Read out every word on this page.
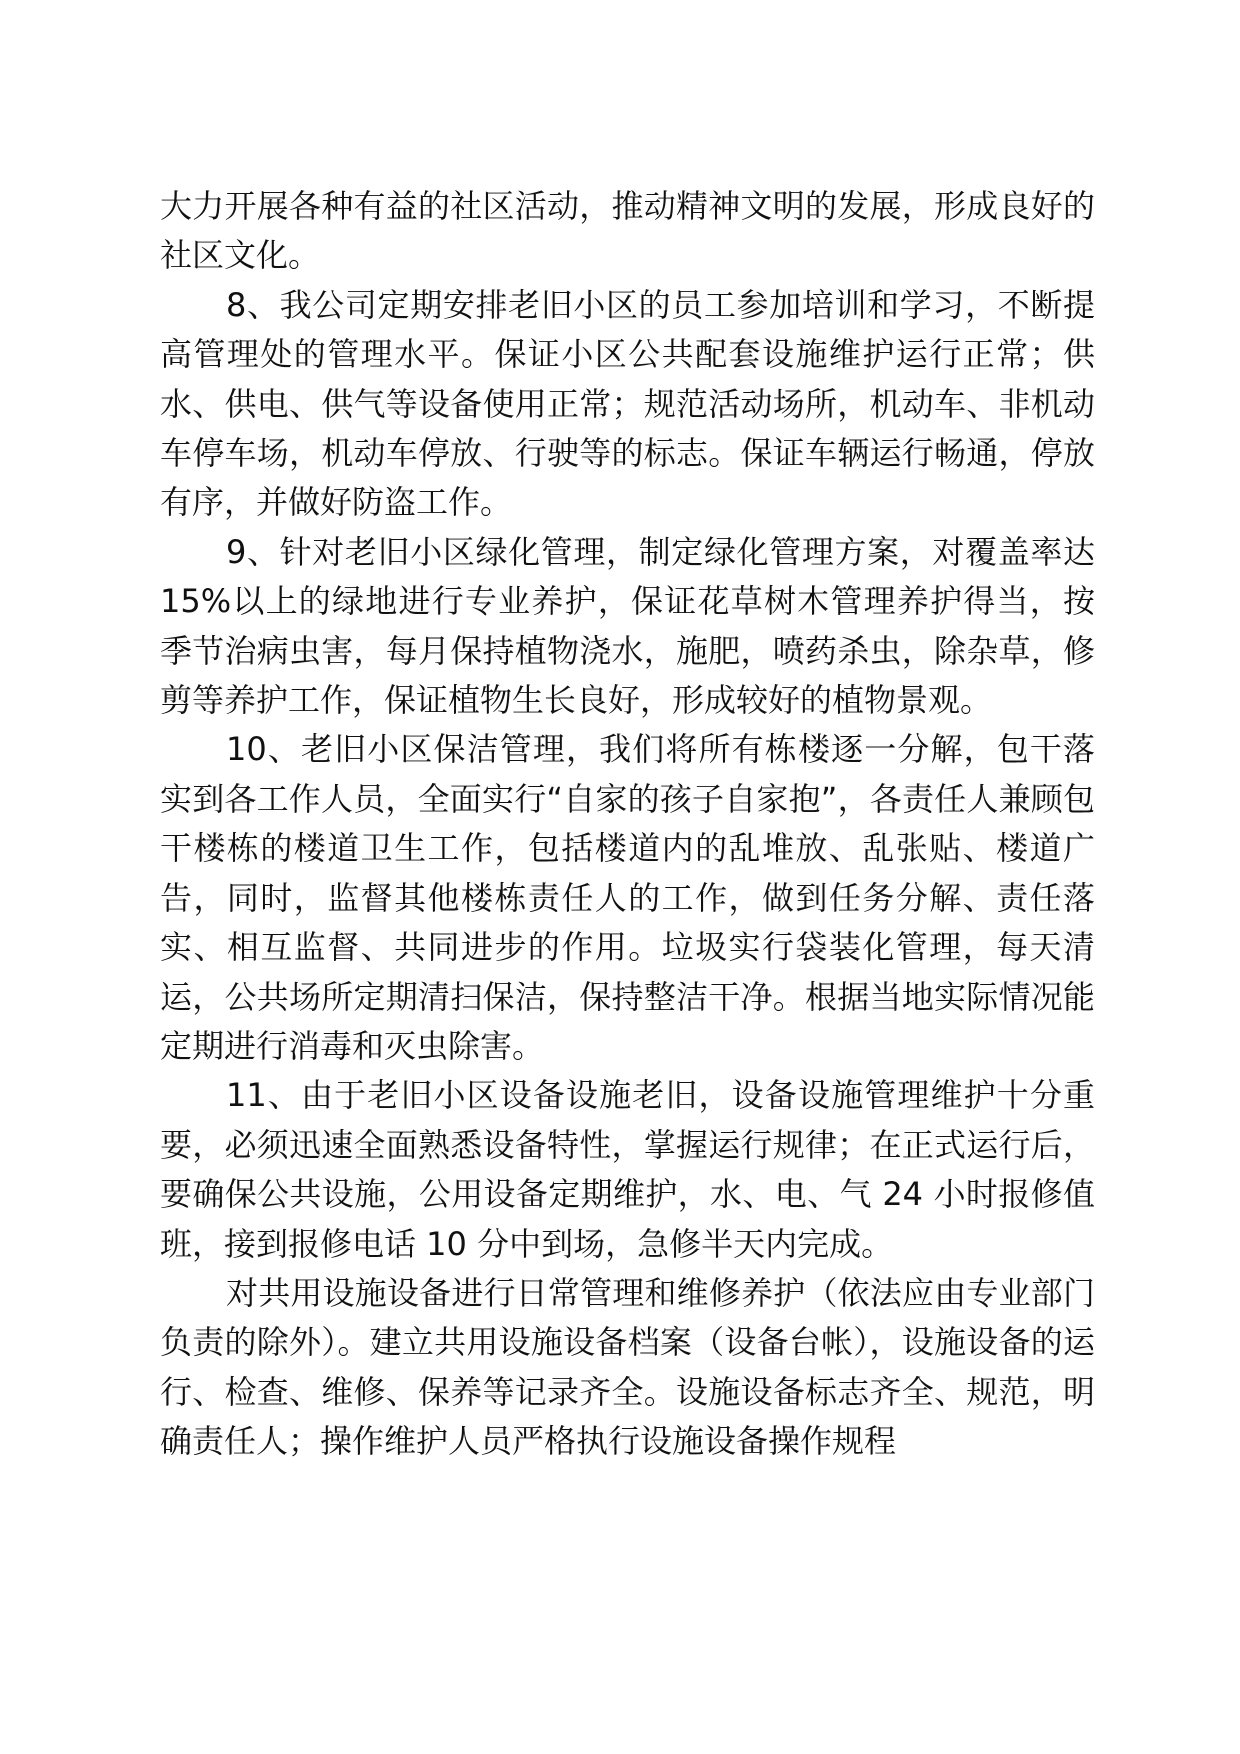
大力开展各种有益的社区活动，推动精神文明的发展，形成良好的社区文化。

8、我公司定期安排老旧小区的员工参加培训和学习，不断提高管理处的管理水平。保证小区公共配套设施维护运行正常；供水、供电、供气等设备使用正常；规范活动场所，机动车、非机动车停车场，机动车停放、行驶等的标志。保证车辆运行畅通，停放有序，并做好防盗工作。

9、针对老旧小区绿化管理，制定绿化管理方案，对覆盖率达 15%以上的绿地进行专业养护，保证花草树木管理养护得当，按季节治病虫害，每月保持植物浇水，施肥，喷药杀虫，除杂草，修剪等养护工作，保证植物生长良好，形成较好的植物景观。

10、老旧小区保洁管理，我们将所有栋楼逐一分解，包干落实到各工作人员，全面实行“自家的孩子自家抱”，各责任人兼顾包干楼栋的楼道卫生工作，包括楼道内的乱堆放、乱张贴、楼道广告，同时，监督其他楼栋责任人的工作，做到任务分解、责任落实、相互监督、共同进步的作用。垃圾实行袋装化管理，每天清运，公共场所定期清扫保洁，保持整洁干净。根据当地实际情况能定期进行消毒和灭虫除害。

11、由于老旧小区设备设施老旧，设备设施管理维护十分重要，必须迅速全面熟悉设备特性，掌握运行规律；在正式运行后，要确保公共设施，公用设备定期维护，水、电、气 24 小时报修值班，接到报修电话 10 分中到场，急修半天内完成。

对共用设施设备进行日常管理和维修养护（依法应由专业部门负责的除外）。建立共用设施设备档案（设备台帐），设施设备的运行、检查、维修、保养等记录齐全。设施设备标志齐全、规范，明确责任人；操作维护人员严格执行设施设备操作规程
